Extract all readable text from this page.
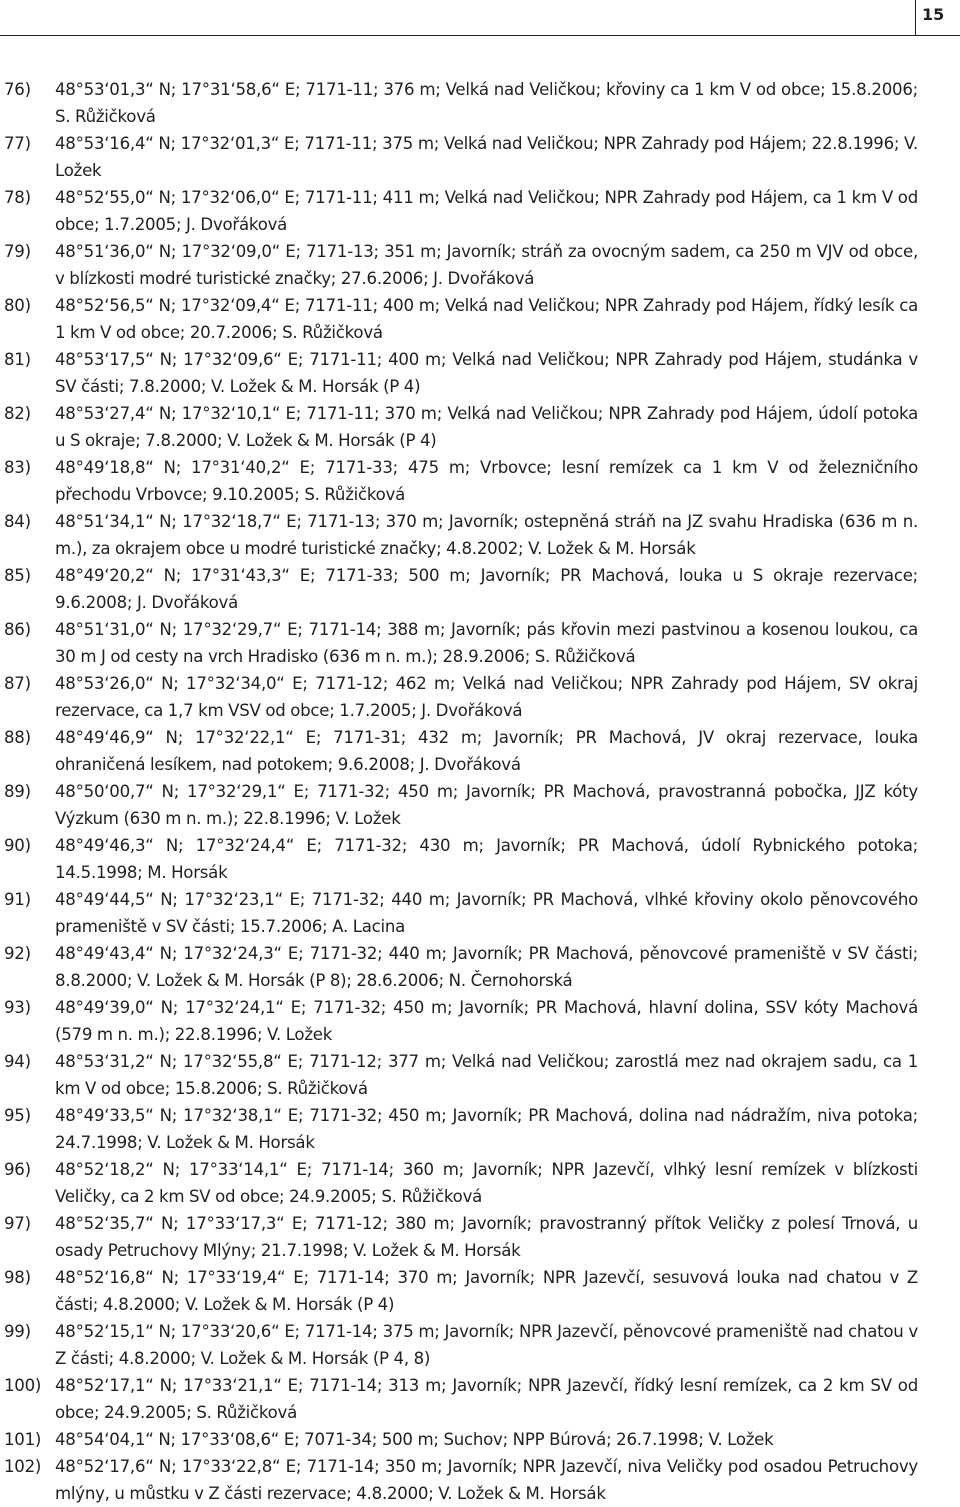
15
76) 48°53‘01,3“ N; 17°31‘58,6“ E; 7171-11; 376 m; Velká nad Veličkou; křoviny ca 1 km V od obce; 15.8.2006; S. Růžičková
77) 48°53‘16,4“ N; 17°32‘01,3“ E; 7171-11; 375 m; Velká nad Veličkou; NPR Zahrady pod Hájem; 22.8.1996; V. Ložek
78) 48°52‘55,0“ N; 17°32‘06,0“ E; 7171-11; 411 m; Velká nad Veličkou; NPR Zahrady pod Hájem, ca 1 km V od obce; 1.7.2005; J. Dvořáková
79) 48°51‘36,0“ N; 17°32‘09,0“ E; 7171-13; 351 m; Javorník; stráň za ovocným sadem, ca 250 m VJV od obce, v blízkosti modré turistické značky; 27.6.2006; J. Dvořáková
80) 48°52‘56,5“ N; 17°32‘09,4“ E; 7171-11; 400 m; Velká nad Veličkou; NPR Zahrady pod Hájem, řídký lesík ca 1 km V od obce; 20.7.2006; S. Růžičková
81) 48°53‘17,5“ N; 17°32‘09,6“ E; 7171-11; 400 m; Velká nad Veličkou; NPR Zahrady pod Hájem, studánka v SV části; 7.8.2000; V. Ložek & M. Horsák (P 4)
82) 48°53‘27,4“ N; 17°32‘10,1“ E; 7171-11; 370 m; Velká nad Veličkou; NPR Zahrady pod Hájem, údolí potoka u S okraje; 7.8.2000; V. Ložek & M. Horsák (P 4)
83) 48°49‘18,8“ N; 17°31‘40,2“ E; 7171-33; 475 m; Vrbovce; lesní remízek ca 1 km V od železničního přechodu Vrbovce; 9.10.2005; S. Růžičková
84) 48°51‘34,1“ N; 17°32‘18,7“ E; 7171-13; 370 m; Javorník; ostepněná stráň na JZ svahu Hradiska (636 m n. m.), za okrajem obce u modré turistické značky; 4.8.2002; V. Ložek & M. Horsák
85) 48°49‘20,2“ N; 17°31‘43,3“ E; 7171-33; 500 m; Javorník; PR Machová, louka u S okraje rezervace; 9.6.2008; J. Dvořáková
86) 48°51‘31,0“ N; 17°32‘29,7“ E; 7171-14; 388 m; Javorník; pás křovin mezi pastvinou a kosenou loukou, ca 30 m J od cesty na vrch Hradisko (636 m n. m.); 28.9.2006; S. Růžičková
87) 48°53‘26,0“ N; 17°32‘34,0“ E; 7171-12; 462 m; Velká nad Veličkou; NPR Zahrady pod Hájem, SV okraj rezervace, ca 1,7 km VSV od obce; 1.7.2005; J. Dvořáková
88) 48°49‘46,9“ N; 17°32‘22,1“ E; 7171-31; 432 m; Javorník; PR Machová, JV okraj rezervace, louka ohraničená lesíkem, nad potokem; 9.6.2008; J. Dvořáková
89) 48°50‘00,7“ N; 17°32‘29,1“ E; 7171-32; 450 m; Javorník; PR Machová, pravostranná pobočka, JJZ kóty Výzkum (630 m n. m.); 22.8.1996; V. Ložek
90) 48°49‘46,3“ N; 17°32‘24,4“ E; 7171-32; 430 m; Javorník; PR Machová, údolí Rybnického potoka; 14.5.1998; M. Horsák
91) 48°49‘44,5“ N; 17°32‘23,1“ E; 7171-32; 440 m; Javorník; PR Machová, vlhké křoviny okolo pěnovcového prameniště v SV části; 15.7.2006; A. Lacina
92) 48°49‘43,4“ N; 17°32‘24,3“ E; 7171-32; 440 m; Javorník; PR Machová, pěnovcové prameniště v SV části; 8.8.2000; V. Ložek & M. Horsák (P 8); 28.6.2006; N. Černohorská
93) 48°49‘39,0“ N; 17°32‘24,1“ E; 7171-32; 450 m; Javorník; PR Machová, hlavní dolina, SSV kóty Machová (579 m n. m.); 22.8.1996; V. Ložek
94) 48°53‘31,2“ N; 17°32‘55,8“ E; 7171-12; 377 m; Velká nad Veličkou; zarostlá mez nad okrajem sadu, ca 1 km V od obce; 15.8.2006; S. Růžičková
95) 48°49‘33,5“ N; 17°32‘38,1“ E; 7171-32; 450 m; Javorník; PR Machová, dolina nad nádražím, niva potoka; 24.7.1998; V. Ložek & M. Horsák
96) 48°52‘18,2“ N; 17°33‘14,1“ E; 7171-14; 360 m; Javorník; NPR Jazevčí, vlhký lesní remízek v blízkosti Veličky, ca 2 km SV od obce; 24.9.2005; S. Růžičková
97) 48°52‘35,7“ N; 17°33‘17,3“ E; 7171-12; 380 m; Javorník; pravostranný přítok Veličky z polesí Trnová, u osady Petruchovy Mlýny; 21.7.1998; V. Ložek & M. Horsák
98) 48°52‘16,8“ N; 17°33‘19,4“ E; 7171-14; 370 m; Javorník; NPR Jazevčí, sesuvová louka nad chatou v Z části; 4.8.2000; V. Ložek & M. Horsák (P 4)
99) 48°52‘15,1“ N; 17°33‘20,6“ E; 7171-14; 375 m; Javorník; NPR Jazevčí, pěnovcové prameniště nad chatou v Z části; 4.8.2000; V. Ložek & M. Horsák (P 4, 8)
100) 48°52‘17,1“ N; 17°33‘21,1“ E; 7171-14; 313 m; Javorník; NPR Jazevčí, řídký lesní remízek, ca 2 km SV od obce; 24.9.2005; S. Růžičková
101) 48°54‘04,1“ N; 17°33‘08,6“ E; 7071-34; 500 m; Suchov; NPP Búrová; 26.7.1998; V. Ložek
102) 48°52‘17,6“ N; 17°33‘22,8“ E; 7171-14; 350 m; Javorník; NPR Jazevčí, niva Veličky pod osadou Petruchovy mlýny, u můstku v Z části rezervace; 4.8.2000; V. Ložek & M. Horsák
